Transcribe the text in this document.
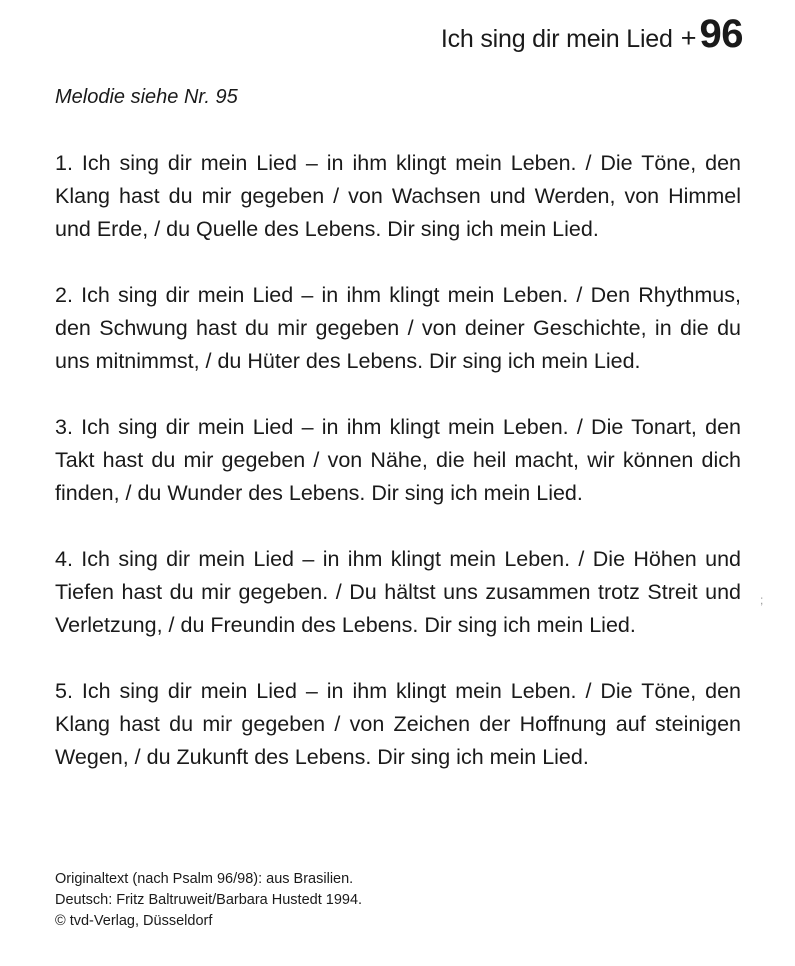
Ich sing dir mein Lied + 96
Melodie siehe Nr. 95

1. Ich sing dir mein Lied – in ihm klingt mein Leben. / Die Töne, den Klang hast du mir gegeben / von Wachsen und Werden, von Himmel und Erde, / du Quelle des Lebens. Dir sing ich mein Lied.

2. Ich sing dir mein Lied – in ihm klingt mein Leben. / Den Rhythmus, den Schwung hast du mir gegeben / von deiner Geschichte, in die du uns mitnimmst, / du Hüter des Lebens. Dir sing ich mein Lied.

3. Ich sing dir mein Lied – in ihm klingt mein Leben. / Die Tonart, den Takt hast du mir gegeben / von Nähe, die heil macht, wir können dich finden, / du Wunder des Lebens. Dir sing ich mein Lied.

4. Ich sing dir mein Lied – in ihm klingt mein Leben. / Die Höhen und Tiefen hast du mir gegeben. / Du hältst uns zusammen trotz Streit und Verletzung, / du Freundin des Lebens. Dir sing ich mein Lied.

5. Ich sing dir mein Lied – in ihm klingt mein Leben. / Die Töne, den Klang hast du mir gegeben / von Zeichen der Hoffnung auf steinigen Wegen, / du Zukunft des Lebens. Dir sing ich mein Lied.

;
Originaltext (nach Psalm 96/98): aus Brasilien.
Deutsch: Fritz Baltruweit/Barbara Hustedt 1994.
© tvd-Verlag, Düsseldorf
